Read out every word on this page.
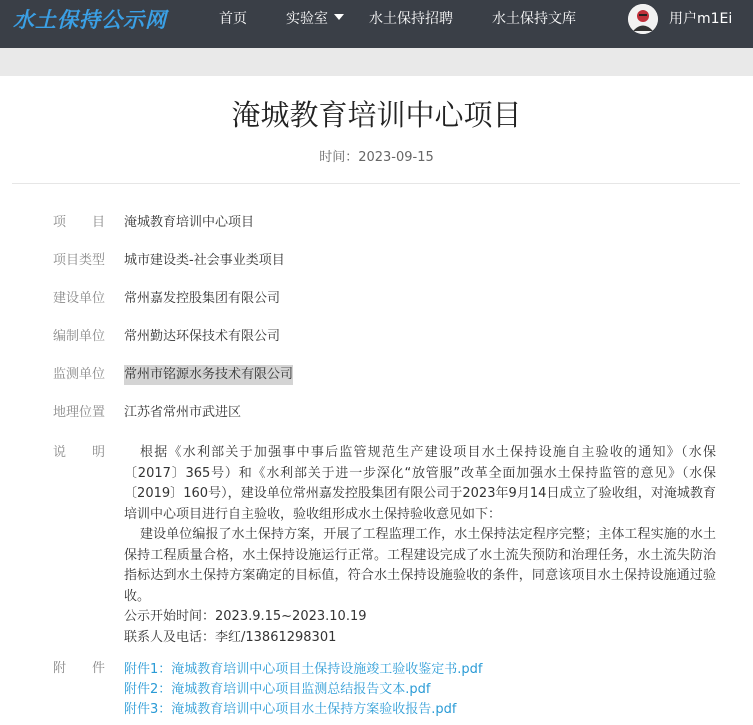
水土保持公示网	首页	实验室	水土保持招聘	水土保持文库	用户m1Ei
淹城教育培训中心项目
时间：2023-09-15
项　　目	淹城教育培训中心项目
项目类型	城市建设类-社会事业类项目
建设单位	常州嘉发控股集团有限公司
编制单位	常州勤达环保技术有限公司
监测单位	常州市铭源水务技术有限公司
地理位置	江苏省常州市武进区
说　　明	根据《水利部关于加强事中事后监管规范生产建设项目水土保持设施自主验收的通知》（水保〔2017〕365号）和《水利部关于进一步深化“放管服”改革全面加强水土保持监管的意见》（水保〔2019〕160号），建设单位常州嘉发控股集团有限公司于2023年9月14日成立了验收组，对淹城教育培训中心项目进行自主验收，验收组形成水土保持验收意见如下：

建设单位编报了水土保持方案，开展了工程监理工作，水土保持法定程序完整；主体工程实施的水土保持工程质量合格，水土保持设施运行正常。工程建设完成了水土流失预防和治理任务，水土流失防治指标达到水土保持方案确定的目标值，符合水土保持设施验收的条件，同意该项目水土保持设施通过验收。

公示开始时间：2023.9.15~2023.10.19

联系人及电话：李红/13861298301

附　　件	附件1：淹城教育培训中心项目土保持设施竣工验收鉴定书.pdf
附件2：淹城教育培训中心项目监测总结报告文本.pdf
附件3：淹城教育培训中心项目水土保持方案验收报告.pdf
